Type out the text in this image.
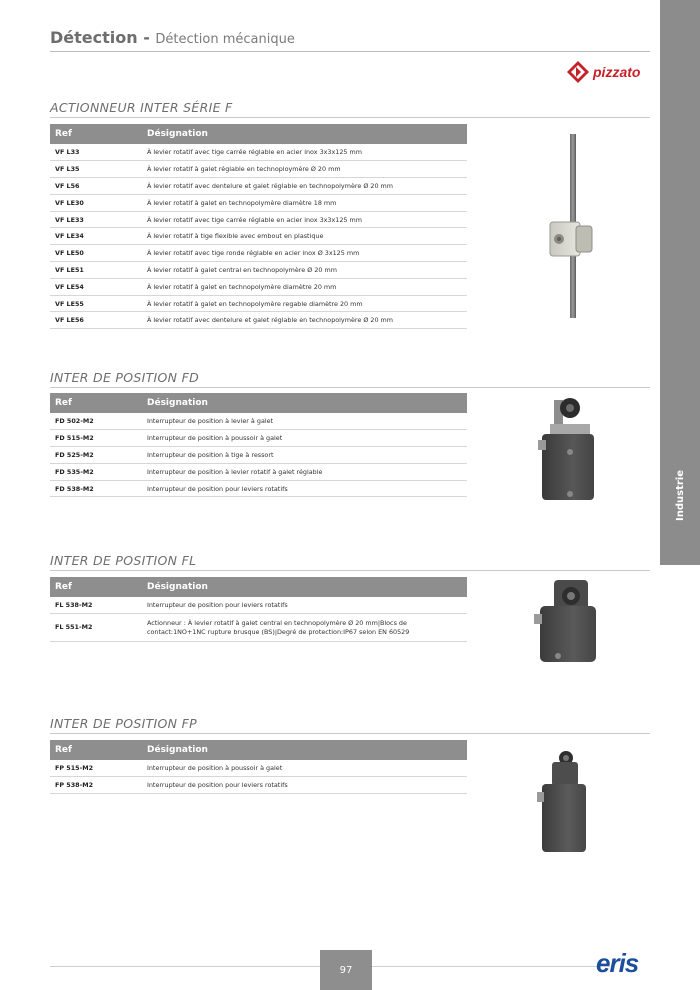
Détection - Détection mécanique
pizzato
Industrie
ACTIONNEUR INTER SÉRIE F
Ref	Désignation
VF L33	À levier rotatif avec tige carrée réglable en acier inox 3x3x125 mm
VF L35	À levier rotatif à galet réglable en technoploymère Ø 20 mm
VF L56	À levier rotatif avec dentelure et galet réglable en technopolymère Ø 20 mm
VF LE30	À levier rotatif à galet en technopolymère diamètre 18 mm
VF LE33	À levier rotatif avec tige carrée réglable en acier inox 3x3x125 mm
VF LE34	À levier rotatif à tige flexible avec embout en plastique
VF LE50	À levier rotatif avec tige ronde réglable en acier inox Ø 3x125 mm
VF LE51	À levier rotatif à galet central en technopolymère Ø 20 mm
VF LE54	À levier rotatif à galet en technopolymère diamètre 20 mm
VF LE55	À levier rotatif à galet en technopolymère regable diamètre 20 mm
VF LE56	À levier rotatif avec dentelure et galet réglable en technopolymère Ø 20 mm
INTER DE POSITION FD
Ref	Désignation
FD 502-M2	Interrupteur de position à levier à galet
FD 515-M2	Interrupteur de position à poussoir à galet
FD 525-M2	Interrupteur de position à tige à ressort
FD 535-M2	Interrupteur de position à levier rotatif à galet réglable
FD 538-M2	Interrupteur de position pour leviers rotatifs
INTER DE POSITION FL
Ref	Désignation
FL 538-M2	Interrupteur de position pour leviers rotatifs
FL 551-M2	Actionneur : À levier rotatif à galet central en technopolymère Ø 20 mm|Blocs de contact:1NO+1NC rupture brusque (BS)|Degré de protection:IP67 selon EN 60529
INTER DE POSITION FP
Ref	Désignation
FP 515-M2	Interrupteur de position à poussoir à galet
FP 538-M2	Interrupteur de position pour leviers rotatifs
97	eris
